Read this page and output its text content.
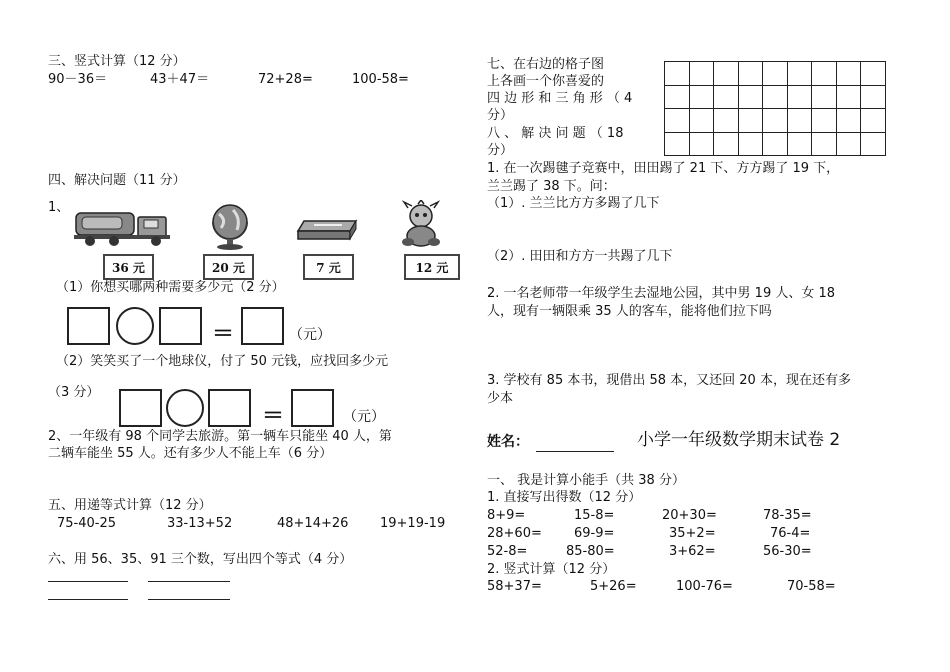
三、竖式计算（12 分）
90－36＝	43＋47＝	72+28=	100-58=
四、解决问题（11 分）
1、
36 元	20 元	7 元	12 元
（1）你想买哪两种需要多少元（2 分）
＝	（元）
（2）笑笑买了一个地球仪，付了 50 元钱，应找回多少元
（3 分）
＝	（元）
2、一年级有 98 个同学去旅游。第一辆车只能坐 40 人，第
二辆车能坐 55 人。还有多少人不能上车（6 分）
五、用递等式计算（12 分）
75-40-25	33-13+52	48+14+26 19+19-19
六、用 56、35、91 三个数，写出四个等式（4 分）
七、在右边的格子图
上各画一个你喜爱的
四 边 形 和 三 角 形 （ 4
分）
八 、 解 决 问 题 （ 18
分）
1. 在一次踢毽子竞赛中，田田踢了 21 下、方方踢了 19 下，
兰兰踢了 38 下。问：
（1）. 兰兰比方方多踢了几下
（2）. 田田和方方一共踢了几下
2. 一名老师带一年级学生去湿地公园，其中男 19 人、女 18
人，现有一辆限乘 35 人的客车，能将他们拉下吗
3. 学校有 85 本书，现借出 58 本，又还回 20 本，现在还有多
少本
姓名：	小学一年级数学期末试卷 2
一、 我是计算小能手（共 38 分）
1. 直接写出得数（12 分）
8+9=	15-8=	20+30=	78-35=
28+60= 69-9=	35+2=	76-4=
52-8=	85-80=	3+62=	56-30=
2. 竖式计算（12 分）
58+37=	5+26=	100-76=	70-58=
